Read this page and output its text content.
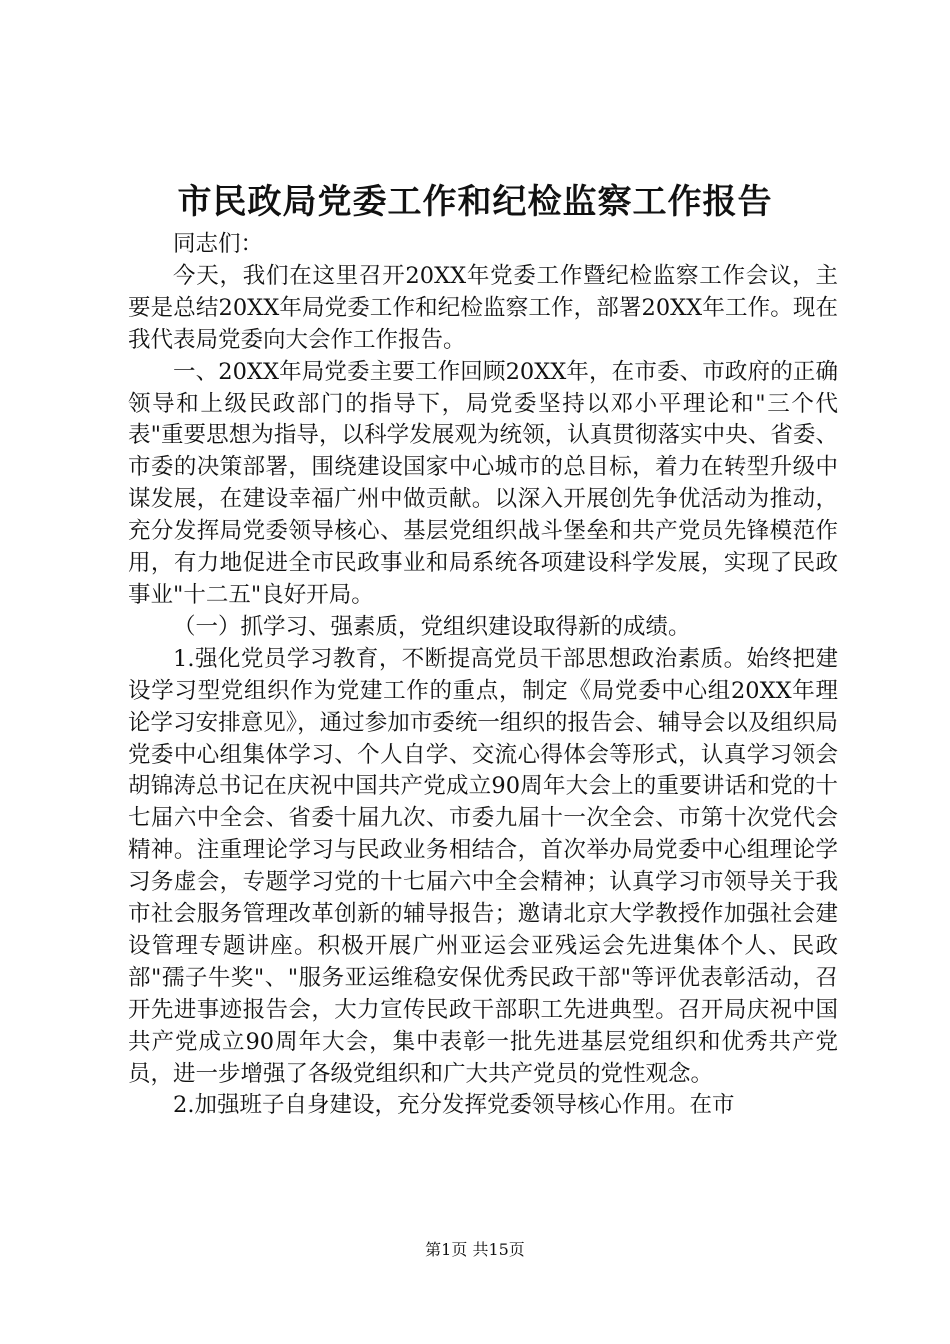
市民政局党委工作和纪检监察工作报告

同志们：

今天，我们在这里召开20XX年党委工作暨纪检监察工作会议，主要是总结20XX年局党委工作和纪检监察工作，部署20XX年工作。现在我代表局党委向大会作工作报告。

一、20XX年局党委主要工作回顾20XX年，在市委、市政府的正确领导和上级民政部门的指导下，局党委坚持以邓小平理论和"三个代表"重要思想为指导，以科学发展观为统领，认真贯彻落实中央、省委、市委的决策部署，围绕建设国家中心城市的总目标，着力在转型升级中谋发展，在建设幸福广州中做贡献。以深入开展创先争优活动为推动，充分发挥局党委领导核心、基层党组织战斗堡垒和共产党员先锋模范作用，有力地促进全市民政事业和局系统各项建设科学发展，实现了民政事业"十二五"良好开局。

（一）抓学习、强素质，党组织建设取得新的成绩。

1.强化党员学习教育，不断提高党员干部思想政治素质。始终把建设学习型党组织作为党建工作的重点，制定《局党委中心组20XX年理论学习安排意见》，通过参加市委统一组织的报告会、辅导会以及组织局党委中心组集体学习、个人自学、交流心得体会等形式，认真学习领会胡锦涛总书记在庆祝中国共产党成立90周年大会上的重要讲话和党的十七届六中全会、省委十届九次、市委九届十一次全会、市第十次党代会精神。注重理论学习与民政业务相结合，首次举办局党委中心组理论学习务虚会，专题学习党的十七届六中全会精神；认真学习市领导关于我市社会服务管理改革创新的辅导报告；邀请北京大学教授作加强社会建设管理专题讲座。积极开展广州亚运会亚残运会先进集体个人、民政部"孺子牛奖"、"服务亚运维稳安保优秀民政干部"等评优表彰活动，召开先进事迹报告会，大力宣传民政干部职工先进典型。召开局庆祝中国共产党成立90周年大会，集中表彰一批先进基层党组织和优秀共产党员，进一步增强了各级党组织和广大共产党员的党性观念。

2.加强班子自身建设，充分发挥党委领导核心作用。在市

第1页 共15页
